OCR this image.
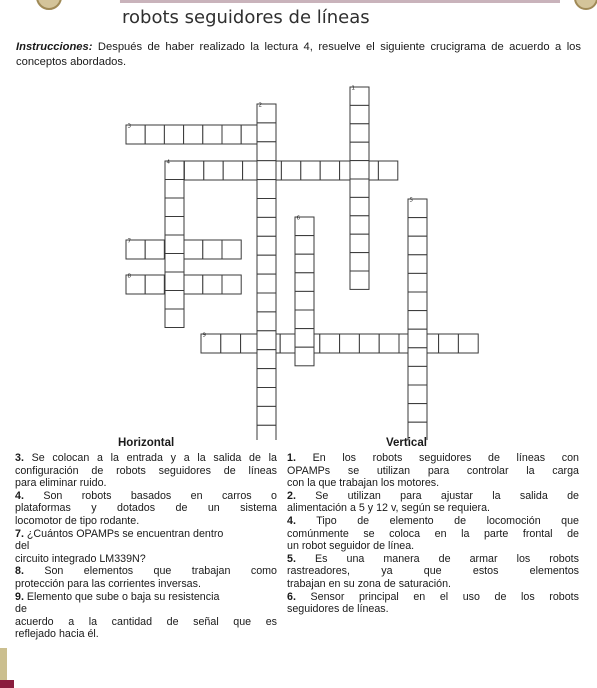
robots seguidores de líneas
Instrucciones: Después de haber realizado la lectura 4, resuelve el siguiente crucigrama de acuerdo a los conceptos abordados.
1
2
3
4
5
6
7
8
9
Horizontal	Vertical
3. Se colocan a la entrada y a la salida de la
configuración de robots seguidores de líneas
para eliminar ruido.
4. Son robots basados en carros o
plataformas y dotados de un sistema
locomotor de tipo rodante.
7. ¿Cuántos OPAMPs se encuentran dentro
del
circuito integrado LM339N?
8. Son elementos que trabajan como
protección para las corrientes inversas.
9. Elemento que sube o baja su resistencia
de
acuerdo a la cantidad de señal que es
reflejado hacia él.
1. En los robots seguidores de líneas con
OPAMPs se utilizan para controlar la carga
con la que trabajan los motores.
2. Se utilizan para ajustar la salida de
alimentación a 5 y 12 v, según se requiera.
4. Tipo de elemento de locomoción que
comúnmente se coloca en la parte frontal de
un robot seguidor de línea.
5. Es una manera de armar los robots
rastreadores, ya que estos elementos
trabajan en su zona de saturación.
6. Sensor principal en el uso de los robots
seguidores de líneas.
